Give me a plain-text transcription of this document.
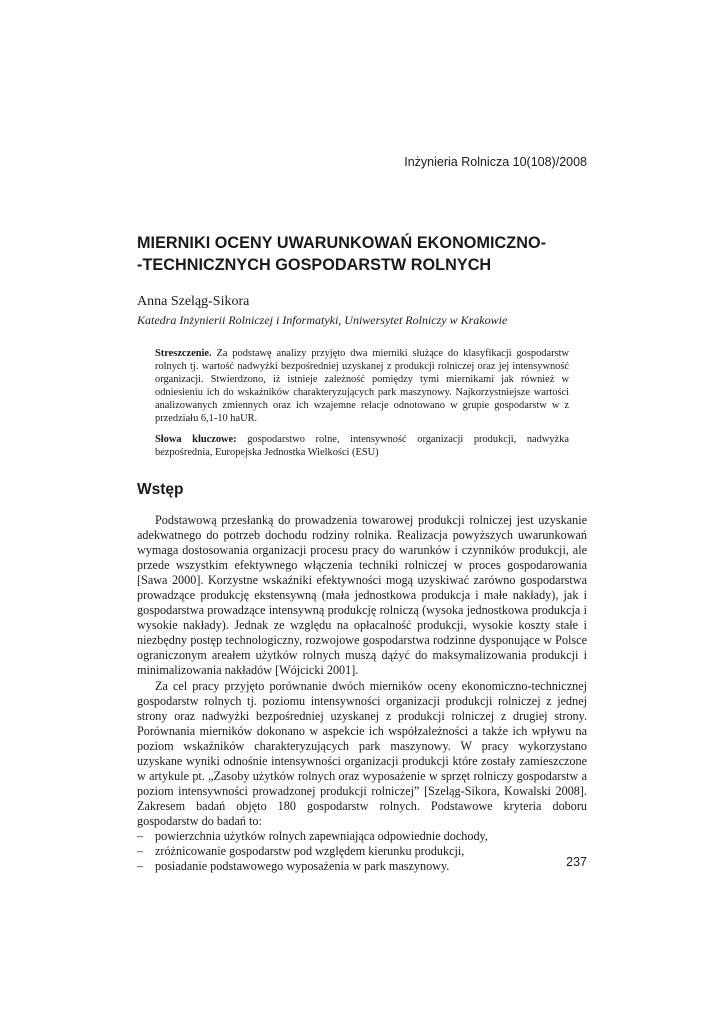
Inżynieria Rolnicza 10(108)/2008
MIERNIKI OCENY UWARUNKOWAŃ EKONOMICZNO-
-TECHNICZNYCH GOSPODARSTW ROLNYCH
Anna Szeląg-Sikora
Katedra Inżynierii Rolniczej i Informatyki, Uniwersytet Rolniczy w Krakowie
Streszczenie. Za podstawę analizy przyjęto dwa mierniki służące do klasyfikacji gospodarstw rolnych tj. wartość nadwyżki bezpośredniej uzyskanej z produkcji rolniczej oraz jej intensywność organizacji. Stwierdzono, iż istnieje zależność pomiędzy tymi miernikami jak również w odniesieniu ich do wskaźników charakteryzujących park maszynowy. Najkorzystniejsze wartości analizowanych zmiennych oraz ich wzajemne relacje odnotowano w grupie gospodarstw w z przedziału 6,1-10 haUR.
Słowa kluczowe: gospodarstwo rolne, intensywność organizacji produkcji, nadwyżka bezpośrednia, Europejska Jednostka Wielkości (ESU)
Wstęp

Podstawową przesłanką do prowadzenia towarowej produkcji rolniczej jest uzyskanie adekwatnego do potrzeb dochodu rodziny rolnika. Realizacja powyższych uwarunkowań wymaga dostosowania organizacji procesu pracy do warunków i czynników produkcji, ale przede wszystkim efektywnego włączenia techniki rolniczej w proces gospodarowania [Sawa 2000]. Korzystne wskaźniki efektywności mogą uzyskiwać zarówno gospodarstwa prowadzące produkcję ekstensywną (mała jednostkowa produkcja i małe nakłady), jak i gospodarstwa prowadzące intensywną produkcję rolniczą (wysoka jednostkowa produkcja i wysokie nakłady). Jednak ze względu na opłacalność produkcji, wysokie koszty stałe i niezbędny postęp technologiczny, rozwojowe gospodarstwa rodzinne dysponujące w Polsce ograniczonym areałem użytków rolnych muszą dążyć do maksymalizowania produkcji i minimalizowania nakładów [Wójcicki 2001].

Za cel pracy przyjęto porównanie dwóch mierników oceny ekonomiczno-technicznej gospodarstw rolnych tj. poziomu intensywności organizacji produkcji rolniczej z jednej strony oraz nadwyżki bezpośredniej uzyskanej z produkcji rolniczej z drugiej strony. Porównania mierników dokonano w aspekcie ich współzależności a także ich wpływu na poziom wskaźników charakteryzujących park maszynowy. W pracy wykorzystano uzyskane wyniki odnośnie intensywności organizacji produkcji które zostały zamieszczone w artykule pt. „Zasoby użytków rolnych oraz wyposażenie w sprzęt rolniczy gospodarstw a poziom intensywności prowadzonej produkcji rolniczej” [Szeląg-Sikora, Kowalski 2008]. Zakresem badań objęto 180 gospodarstw rolnych. Podstawowe kryteria doboru gospodarstw do badań to:

– powierzchnia użytków rolnych zapewniająca odpowiednie dochody,
– zróżnicowanie gospodarstw pod względem kierunku produkcji,
– posiadanie podstawowego wyposażenia w park maszynowy.	237
